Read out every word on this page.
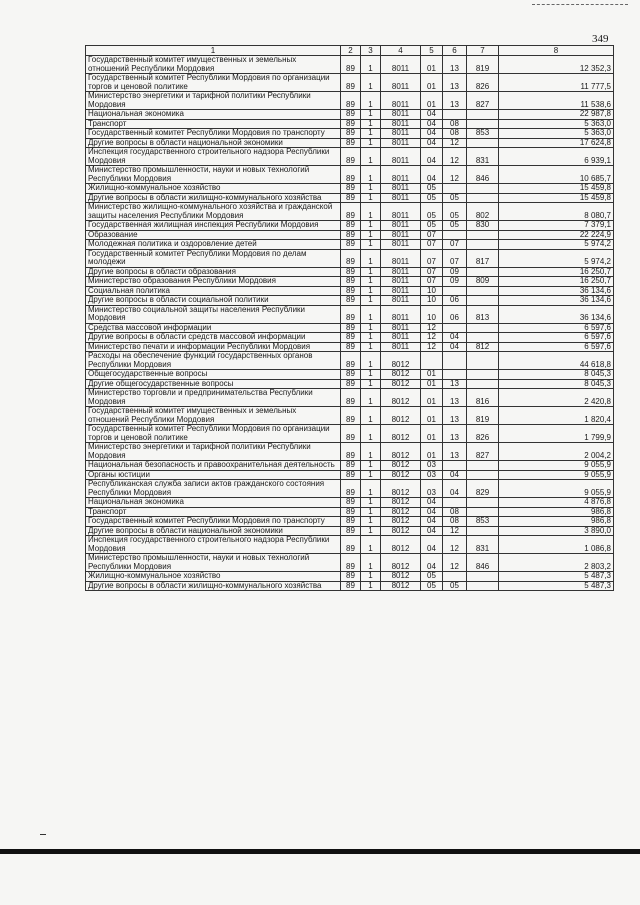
349
1	2	3	4	5	6	7	8
Государственный комитет имущественных и земельных отношений Республики Мордовия	89	1	8011	01	13	819	12 352,3
Государственный комитет Республики Мордовия по организации торгов и ценовой политике	89	1	8011	01	13	826	11 777,5
Министерство энергетики и тарифной политики Республики Мордовия	89	1	8011	01	13	827	11 538,6
Национальная экономика	89	1	8011	04			22 987,8
Транспорт	89	1	8011	04	08		5 363,0
Государственный комитет Республики Мордовия по транспорту	89	1	8011	04	08	853	5 363,0
Другие вопросы в области национальной экономики	89	1	8011	04	12		17 624,8
Инспекция государственного строительного надзора Республики Мордовия	89	1	8011	04	12	831	6 939,1
Министерство промышленности, науки и новых технологий Республики Мордовия	89	1	8011	04	12	846	10 685,7
Жилищно-коммунальное хозяйство	89	1	8011	05			15 459,8
Другие вопросы в области жилищно-коммунального хозяйства	89	1	8011	05	05		15 459,8
Министерство жилищно-коммунального хозяйства и гражданской защиты населения Республики Мордовия	89	1	8011	05	05	802	8 080,7
Государственная жилищная инспекция Республики Мордовия	89	1	8011	05	05	830	7 379,1
Образование	89	1	8011	07			22 224,9
Молодежная политика и оздоровление детей	89	1	8011	07	07		5 974,2
Государственный комитет Республики Мордовия по делам молодежи	89	1	8011	07	07	817	5 974,2
Другие вопросы в области образования	89	1	8011	07	09		16 250,7
Министерство образования Республики Мордовия	89	1	8011	07	09	809	16 250,7
Социальная политика	89	1	8011	10			36 134,6
Другие вопросы в области социальной политики	89	1	8011	10	06		36 134,6
Министерство социальной защиты населения Республики Мордовия	89	1	8011	10	06	813	36 134,6
Средства массовой информации	89	1	8011	12			6 597,6
Другие вопросы в области средств массовой информации	89	1	8011	12	04		6 597,6
Министерство печати и информации Республики Мордовия	89	1	8011	12	04	812	6 597,6
Расходы на обеспечение функций государственных органов Республики Мордовия	89	1	8012				44 618,8
Общегосударственные вопросы	89	1	8012	01			8 045,3
Другие общегосударственные вопросы	89	1	8012	01	13		8 045,3
Министерство торговли и предпринимательства Республики Мордовия	89	1	8012	01	13	816	2 420,8
Государственный комитет имущественных и земельных отношений Республики Мордовия	89	1	8012	01	13	819	1 820,4
Государственный комитет Республики Мордовия по организации торгов и ценовой политике	89	1	8012	01	13	826	1 799,9
Министерство энергетики и тарифной политики Республики Мордовия	89	1	8012	01	13	827	2 004,2
Национальная безопасность и правоохранительная деятельность	89	1	8012	03			9 055,9
Органы юстиции	89	1	8012	03	04		9 055,9
Республиканская служба записи актов гражданского состояния Республики Мордовия	89	1	8012	03	04	829	9 055,9
Национальная экономика	89	1	8012	04			4 876,8
Транспорт	89	1	8012	04	08		986,8
Государственный комитет Республики Мордовия по транспорту	89	1	8012	04	08	853	986,8
Другие вопросы в области национальной экономики	89	1	8012	04	12		3 890,0
Инспекция государственного строительного надзора Республики Мордовия	89	1	8012	04	12	831	1 086,8
Министерство промышленности, науки и новых технологий Республики Мордовия	89	1	8012	04	12	846	2 803,2
Жилищно-коммунальное хозяйство	89	1	8012	05			5 487,3
Другие вопросы в области жилищно-коммунального хозяйства	89	1	8012	05	05		5 487,3
